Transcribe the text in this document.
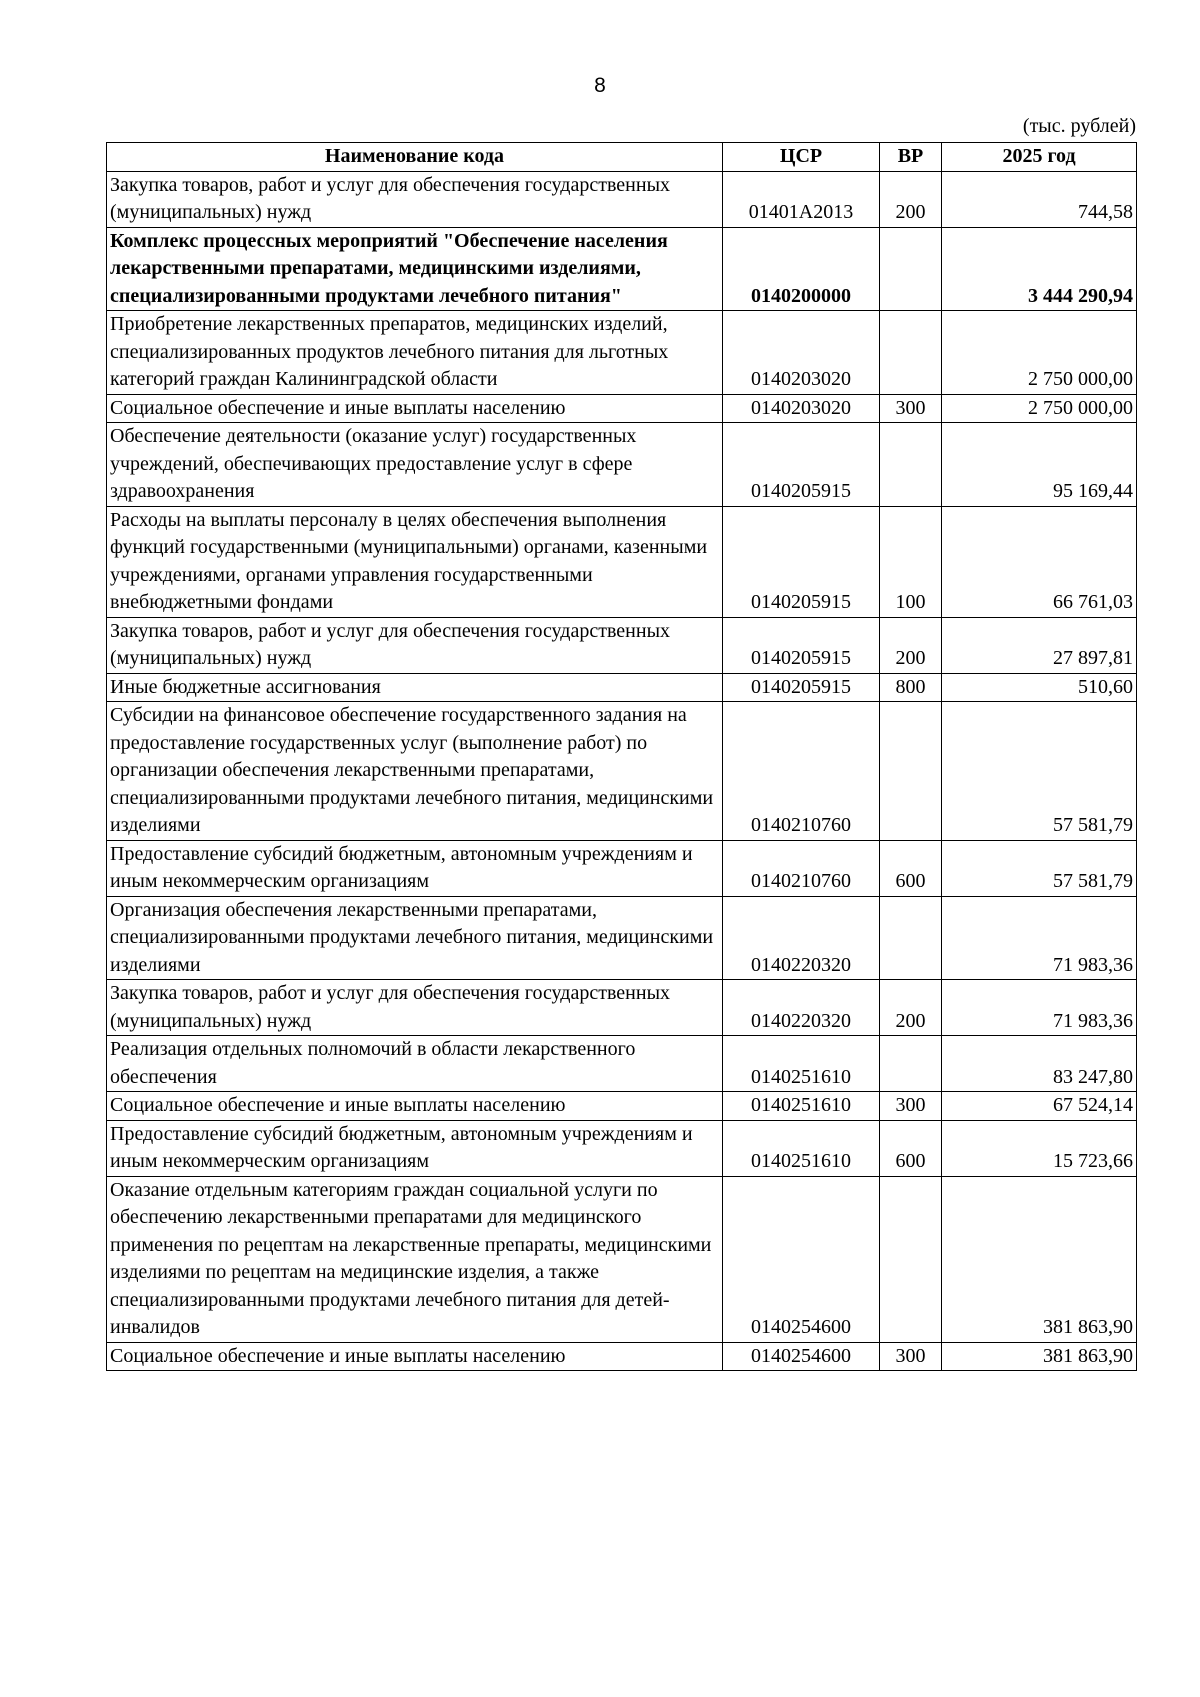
8
(тыс. рублей)
Наименование кода	ЦСР	ВР	2025 год
Закупка товаров, работ и услуг для обеспечения государственных (муниципальных) нужд	01401А2013	200	744,58
Комплекс процессных мероприятий "Обеспечение населения лекарственными препаратами, медицинскими изделиями, специализированными продуктами лечебного питания"	0140200000		3 444 290,94
Приобретение лекарственных препаратов, медицинских изделий, специализированных продуктов лечебного питания для льготных категорий граждан Калининградской области	0140203020		2 750 000,00
Социальное обеспечение и иные выплаты населению	0140203020	300	2 750 000,00
Обеспечение деятельности (оказание услуг) государственных учреждений, обеспечивающих предоставление услуг в сфере здравоохранения	0140205915		95 169,44
Расходы на выплаты персоналу в целях обеспечения выполнения функций государственными (муниципальными) органами, казенными учреждениями, органами управления государственными внебюджетными фондами	0140205915	100	66 761,03
Закупка товаров, работ и услуг для обеспечения государственных (муниципальных) нужд	0140205915	200	27 897,81
Иные бюджетные ассигнования	0140205915	800	510,60
Субсидии на финансовое обеспечение государственного задания на предоставление государственных услуг (выполнение работ) по организации обеспечения лекарственными препаратами, специализированными продуктами лечебного питания, медицинскими изделиями	0140210760		57 581,79
Предоставление субсидий бюджетным, автономным учреждениям и иным некоммерческим организациям	0140210760	600	57 581,79
Организация обеспечения лекарственными препаратами, специализированными продуктами лечебного питания, медицинскими изделиями	0140220320		71 983,36
Закупка товаров, работ и услуг для обеспечения государственных (муниципальных) нужд	0140220320	200	71 983,36
Реализация отдельных полномочий в области лекарственного обеспечения	0140251610		83 247,80
Социальное обеспечение и иные выплаты населению	0140251610	300	67 524,14
Предоставление субсидий бюджетным, автономным учреждениям и иным некоммерческим организациям	0140251610	600	15 723,66
Оказание отдельным категориям граждан социальной услуги по обеспечению лекарственными препаратами для медицинского применения по рецептам на лекарственные препараты, медицинскими изделиями по рецептам на медицинские изделия, а также специализированными продуктами лечебного питания для детей-инвалидов	0140254600		381 863,90
Социальное обеспечение и иные выплаты населению	0140254600	300	381 863,90
